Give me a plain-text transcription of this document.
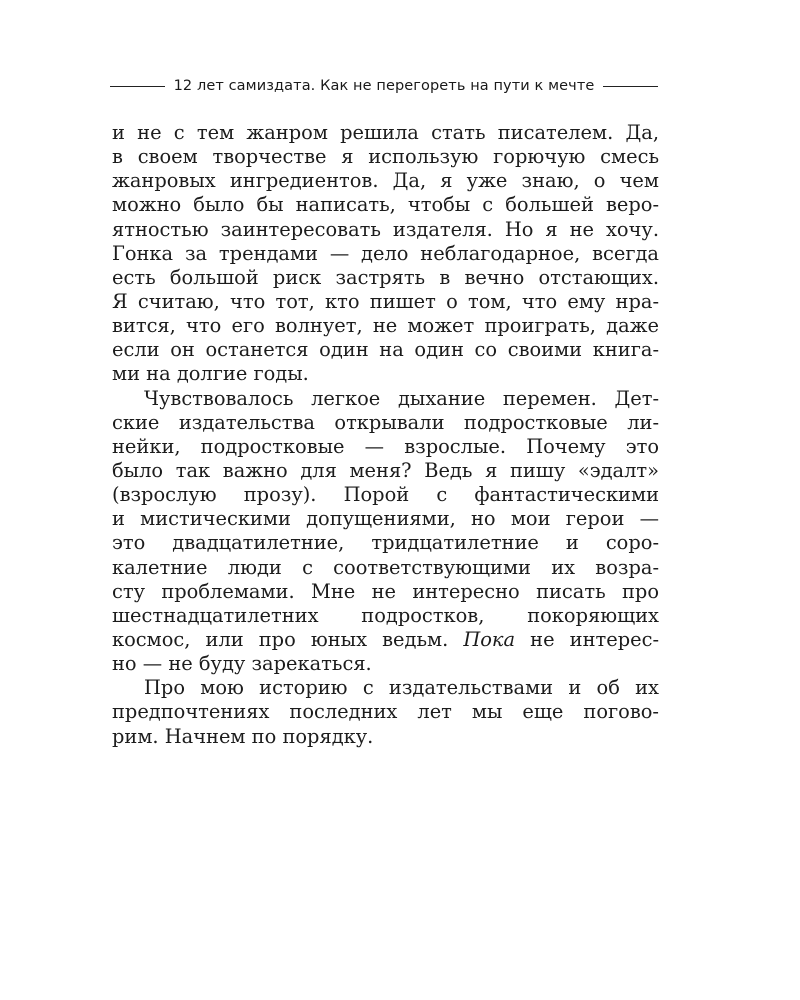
12 лет самиздата. Как не перегореть на пути к мечте
и не с тем жанром решила стать писателем. Да,
в своем творчестве я использую горючую смесь
жанровых ингредиентов. Да, я уже знаю, о чем
можно было бы написать, чтобы с большей веро-
ятностью заинтересовать издателя. Но я не хочу.
Гонка за трендами — дело неблагодарное, всегда
есть большой риск застрять в вечно отстающих.
Я считаю, что тот, кто пишет о том, что ему нра-
вится, что его волнует, не может проиграть, даже
если он останется один на один со своими книга-
ми на долгие годы.
Чувствовалось легкое дыхание перемен. Дет-
ские издательства открывали подростковые ли-
нейки, подростковые — взрослые. Почему это
было так важно для меня? Ведь я пишу «эдалт»
(взрослую прозу). Порой с фантастическими
и мистическими допущениями, но мои герои —
это двадцатилетние, тридцатилетние и соро-
калетние люди с соответствующими их возра-
сту проблемами. Мне не интересно писать про
шестнадцатилетних подростков, покоряющих
космос, или про юных ведьм. Пока не интерес-
но — не буду зарекаться.
Про мою историю с издательствами и об их
предпочтениях последних лет мы еще погово-
рим. Начнем по порядку.
